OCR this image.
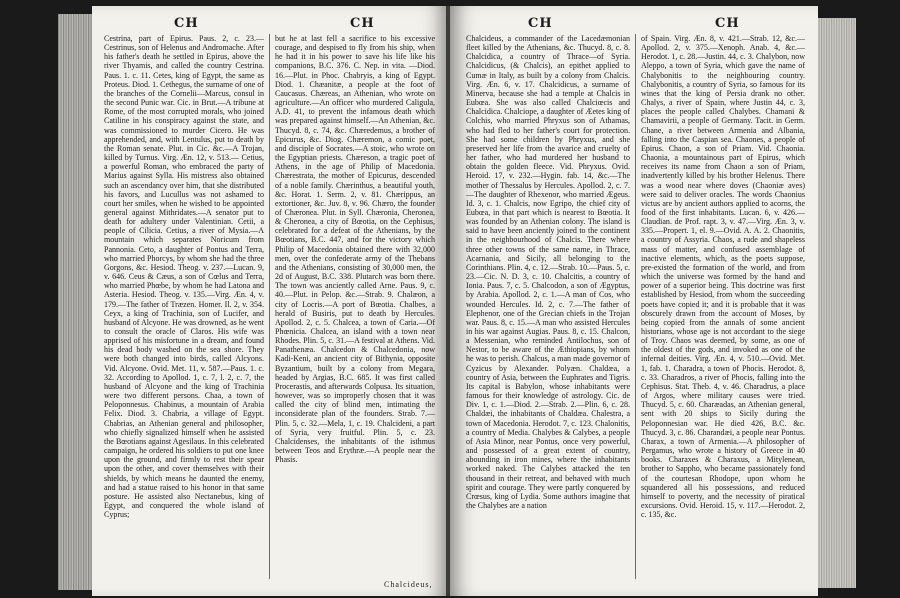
CH	CH

Cestrina, part of Epirus. Paus. 2, c. 23.— Cestrinus, son of Helenus and Andromache. After his father's death he settled in Epirus, above the river Thyamis, and called the country Cestrina. Paus. 1. c. 11. Cetes, king of Egypt, the same as Proteus. Diod. 1. Cethegus, the surname of one of the branches of the Cornelii—Marcus, consul in the second Punic war. Cic. in Brut.—A tribune at Rome, of the most corrupted morals, who joined Catiline in his conspiracy against the state, and was commissioned to murder Cicero. He was apprehended, and, with Lentulus, put to death by the Roman senate. Plut. in Cic. &c.—A Trojan, killed by Turnus. Virg. Æn. 12, v. 513.— Cetius, a powerful Roman, who embraced the party of Marius against Sylla. His mistress also obtained such an ascendancy over him, that she distributed his favors, and Lucullus was not ashamed to court her smiles, when he wished to be appointed general against Mithridates.—A senator put to death for adultery under Valentinian. Cetii, a people of Cilicia. Cetius, a river of Mysia.—A mountain which separates Noricum from Pannonia. Ceto, a daughter of Pontus and Terra, who married Phorcys, by whom she had the three Gorgons, &c. Hesiod. Theog. v. 237.—Lucan. 9, v. 646. Ceus & Cæus, a son of Cœlus and Terra, who married Phœbe, by whom he had Latona and Asteria. Hesiod. Theog. v. 135.—Virg. Æn. 4, v. 179.—The father of Træzen. Homer. Il. 2, v. 354. Ceyx, a king of Trachinia, son of Lucifer, and husband of Alcyone. He was drowned, as he went to consult the oracle of Claros. His wife was apprised of his misfortune in a dream, and found his dead body washed on the sea shore. They were both changed into birds, called Alcyons. Vid. Alcyone. Ovid. Met. 11, v. 587.—Paus. 1. c. 32. According to Apollod. 1, c. 7, l. 2, c. 7, the husband of Alcyone and the king of Trachinia were two different persons. Chaa, a town of Peloponnesus. Chabinus, a mountain of Arabia Felix. Diod. 3. Chabria, a village of Egypt. Chabrias, an Athenian general and philosopher, who chiefly signalized himself when he assisted the Bœotians against Agesilaus. In this celebrated campaign, he ordered his soldiers to put one knee upon the ground, and firmly to rest their spear upon the other, and cover themselves with their shields, by which means he daunted the enemy, and had a statue raised to his honor in that same posture. He assisted also Nectanebus, king of Egypt, and conquered the whole island of Cyprus;

but he at last fell a sacrifice to his excessive courage, and despised to fly from his ship, when he had it in his power to save his life like his companions, B.C. 376. C. Nep. in vita. —Diod. 16.—Plut. in Phoc. Chabryis, a king of Egypt. Diod. 1. Chæanitæ, a people at the foot of Caucasus. Chæreas, an Athenian, who wrote on agriculture.—An officer who murdered Caligula, A.D. 41, to prevent the infamous death which was prepared against himself.—An Athenian, &c. Thucyd. 8, c. 74, &c. Chæredemus, a brother of Epicurus, &c. Diog. Chæremon, a comic poet, and disciple of Socrates.—A stoic, who wrote on the Egyptian priests. Chæreson, a tragic poet of Athens, in the age of Philip of Macedonia. Chærestrata, the mother of Epicurus, descended of a noble family. Chærinthus, a beautiful youth, &c. Horat. 1. Serm. 2, v. 81. Chærippus, an extortioner, &c. Juv. 8, v. 96. Chæro, the founder of Chæronea. Plut. in Syll. Chæronia, Cheronea, & Cheronea, a city of Bœotia, on the Cephisus, celebrated for a defeat of the Athenians, by the Bœotians, B.C. 447, and for the victory which Philip of Macedonia obtained there with 32,000 men, over the confederate army of the Thebans and the Athenians, consisting of 30,000 men, the 2d of August, B.C. 338. Plutarch was born there. The town was anciently called Arne. Paus. 9, c. 40.—Plut. in Pelop. &c.—Strab. 9. Chalæon, a city of Locris.—A port of Bœotia. Chalbes, a herald of Busiris, put to death by Hercules. Apollod. 2, c. 5. Chalcea, a town of Caria.—Of Phœnicia. Chalcea, an island with a town near Rhodes. Plin. 5, c. 31.—A festival at Athens. Vid. Panathenæa. Chalcedon & Chalcedonia, now Kadi-Keni, an ancient city of Bithynia, opposite Byzantium, built by a colony from Megara, headed by Argias, B.C. 685. It was first called Procerastis, and afterwards Colpusa. Its situation, however, was so improperly chosen that it was called the city of blind men, intimating the inconsiderate plan of the founders. Strab. 7.—Plin. 5, c. 32.—Mela, 1, c. 19. Chalcideni, a part of Syria, very fruitful. Plin. 5, c. 23. Chalcidenses, the inhabitants of the isthmus between Teos and Erythræ.—A people near the Phasis.

Chalcideus,
CH	CH

Chalcideus, a commander of the Lacedæmonian fleet killed by the Athenians, &c. Thucyd. 8, c. 8. Chalcidica, a country of Thrace—of Syria. Chalcidicus, (& Chalcis), an epithet applied to Cumæ in Italy, as built by a colony from Chalcis. Virg. Æn. 6, v. 17. Chalcidicus, a surname of Minerva, because she had a temple at Chalcis in Eubœa. She was also called Chalciœcis and Chalcidica. Chalciope, a daughter of Æetes king of Colchis, who married Phryxus son of Athamas, who had fled to her father's court for protection. She had some children by Phryxus, and she preserved her life from the avarice and cruelty of her father, who had murdered her husband to obtain the golden fleece. Vid. Phryxus. Ovid. Heroid. 17, v. 232.—Hygin. fab. 14, &c.—The mother of Thessalus by Hercules. Apollod. 2, c. 7.—The daughter of Rhexenor, who married Ægeus. Id. 3, c. 1. Chalcis, now Egripo, the chief city of Eubœa, in that part which is nearest to Bœotia. It was founded by an Athenian colony. The island is said to have been anciently joined to the continent in the neighbourhood of Chalcis. There where three other towns of the same name, in Thrace, Acarnania, and Sicily, all belonging to the Corinthians. Plin. 4, c. 12.—Strab. 10.—Paus. 5, c. 23.—Cic. N. D. 3, c. 10. Chalcitis, a country of Ionia. Paus. 7, c. 5. Chalcodon, a son of Ægyptus, by Arabia. Apollod. 2, c. 1.—A man of Cos, who wounded Hercules. Id. 2, c. 7.—The father of Elephenor, one of the Grecian chiefs in the Trojan war. Paus. 8, c. 15.—A man who assisted Hercules in his war against Augias. Paus. 8, c. 15. Chalcon, a Messenian, who reminded Antilochus, son of Nestor, to be aware of the Æthiopians, by whom he was to perish. Chalcus, a man made governor of Cyzicus by Alexander. Polyæn. Chaldæa, a country of Asia, between the Euphrates and Tigris. Its capital is Babylon, whose inhabitants were famous for their knowledge of astrology. Cic. de Div. 1, c. 1.—Diod. 2.—Strab. 2.—Plin. 6, c. 28. Chaldæi, the inhabitants of Chaldæa. Chalestra, a town of Macedonia. Herodot. 7, c. 123. Chalonitis, a country of Media. Chalybes & Calybes, a people of Asia Minor, near Pontus, once very powerful, and possessed of a great extent of country, abounding in iron mines, where the inhabitants worked naked. The Calybes attacked the ten thousand in their retreat, and behaved with much spirit and courage. They were partly conquered by Crœsus, king of Lydia. Some authors imagine that the Chalybes are a nation

of Spain. Virg. Æn. 8, v. 421.—Strab. 12, &c.—Apollod. 2, v. 375.—Xenoph. Anab. 4, &c.—Herodot. 1, c. 28.—Justin. 44, c. 3. Chalybon, now Aleppo, a town of Syria, which gave the name of Chalybonitis to the neighbouring country. Chalybonitis, a country of Syria, so famous for its wines that the king of Persia drank no other. Chalys, a river of Spain, where Justin 44, c. 3, places the people called Chalybes. Chamani & Chamavirii, a people of Germany. Tacit. in Germ. Chane, a river between Armenia and Albania, falling into the Caspian sea. Chaones, a people of Epirus. Chaon, a son of Priam. Vid. Chaonia. Chaonia, a mountainous part of Epirus, which receives its name from Chaon a son of Priam, inadvertently killed by his brother Helenus. There was a wood near where doves (Chaoniæ aves) were said to deliver oracles. The words Chaonius victus are by ancient authors applied to acorns, the food of the first inhabitants. Lucan. 6, v. 426.—Claudian. de Prof. rapt. 3, v. 47.—Virg. Æn. 3, v. 335.—Propert. 1, el. 9.—Ovid. A. A. 2. Chaonitis, a country of Assyria. Chaos, a rude and shapeless mass of matter, and confused assemblage of inactive elements, which, as the poets suppose, pre-existed the formation of the world, and from which the universe was formed by the hand and power of a superior being. This doctrine was first established by Hesiod, from whom the succeeding poets have copied it; and it is probable that it was obscurely drawn from the account of Moses, by being copied from the annals of some ancient historians, whose age is not accordant to the siege of Troy. Chaos was deemed, by some, as one of the oldest of the gods, and invoked as one of the infernal deities. Virg. Æn. 4, v. 510.—Ovid. Met. 1, fab. 1. Charadra, a town of Phocis. Herodot. 8, c. 33. Charadros, a river of Phocis, falling into the Cephisus. Stat. Theb. 4, v. 46. Charadrus, a place of Argos, where military causes were tried. Thucyd. 5, c. 60. Charæadas, an Athenian general, sent with 20 ships to Sicily during the Peloponnesian war. He died 426, B.C. &c. Thucyd. 3, c. 86. Charandæi, a people near Pontus. Charax, a town of Armenia.—A philosopher of Pergamus, who wrote a history of Greece in 40 books. Charaxes & Charaxus, a Mitylenean, brother to Sappho, who became passionately fond of the courtesan Rhodope, upon whom he squandered all his possessions, and reduced himself to poverty, and the necessity of piratical excursions. Ovid. Heroid. 15, v. 117.—Herodot. 2, c. 135, &c.
